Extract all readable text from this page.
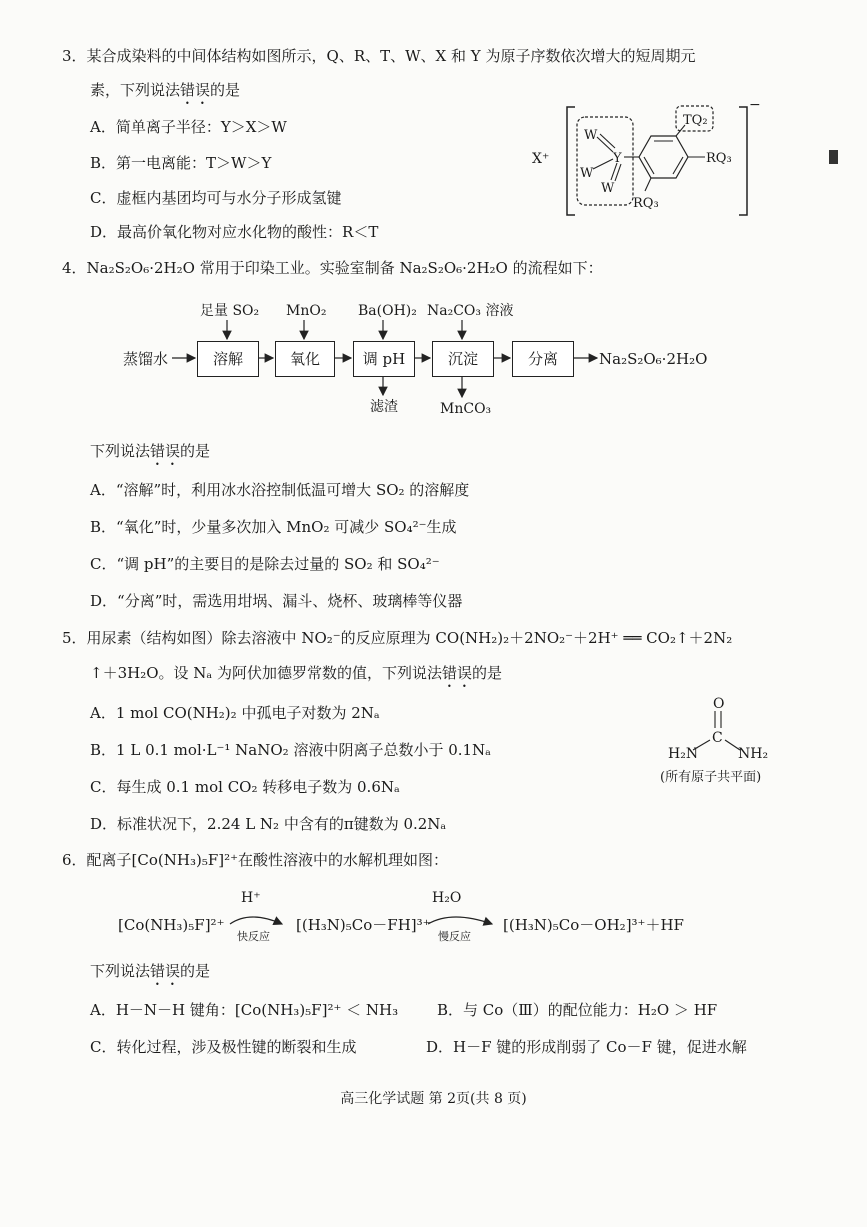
3．某合成染料的中间体结构如图所示，Q、R、T、W、X 和 Y 为原子序数依次增大的短周期元
素，下列说法错误的是
A．简单离子半径：Y＞X＞W
B．第一电离能：T＞W＞Y
C．虚框内基团均可与水分子形成氢键
D．最高价氧化物对应水化物的酸性：R＜T
X⁺
−
W
W
W
Y
TQ₂
RQ₃
RQ₃
4．Na₂S₂O₆·2H₂O 常用于印染工业。实验室制备 Na₂S₂O₆·2H₂O 的流程如下：
蒸馏水	溶解	氧化	调 pH	沉淀	分离	Na₂S₂O₆·2H₂O
足量 SO₂ MnO₂ Ba(OH)₂ Na₂CO₃ 溶液
滤渣	MnCO₃
下列说法错误的是
A．“溶解”时，利用冰水浴控制低温可增大 SO₂ 的溶解度
B．“氧化”时，少量多次加入 MnO₂ 可减少 SO₄²⁻生成
C．“调 pH”的主要目的是除去过量的 SO₂ 和 SO₄²⁻
D．“分离”时，需选用坩埚、漏斗、烧杯、玻璃棒等仪器
5．用尿素（结构如图）除去溶液中 NO₂⁻的反应原理为 CO(NH₂)₂＋2NO₂⁻＋2H⁺ ══ CO₂↑＋2N₂
↑＋3H₂O。设 Nₐ 为阿伏加德罗常数的值，下列说法错误的是
A．1 mol CO(NH₂)₂ 中孤电子对数为 2Nₐ
B．1 L 0.1 mol·L⁻¹ NaNO₂ 溶液中阴离子总数小于 0.1Nₐ
C．每生成 0.1 mol CO₂ 转移电子数为 0.6Nₐ
D．标准状况下，2.24 L N₂ 中含有的π键数为 0.2Nₐ
O
C
H₂N	NH₂
(所有原子共平面)
6．配离子[Co(NH₃)₅F]²⁺在酸性溶液中的水解机理如图：
[Co(NH₃)₅F]²⁺
H⁺
快反应
[(H₃N)₅Co－FH]³⁺
H₂O
慢反应
[(H₃N)₅Co－OH₂]³⁺＋HF
下列说法错误的是
A．H－N－H 键角：[Co(NH₃)₅F]²⁺ ＜ NH₃	B．与 Co（Ⅲ）的配位能力：H₂O ＞ HF
C．转化过程，涉及极性键的断裂和生成	D．H－F 键的形成削弱了 Co－F 键，促进水解
高三化学试题 第 2页(共 8 页)
